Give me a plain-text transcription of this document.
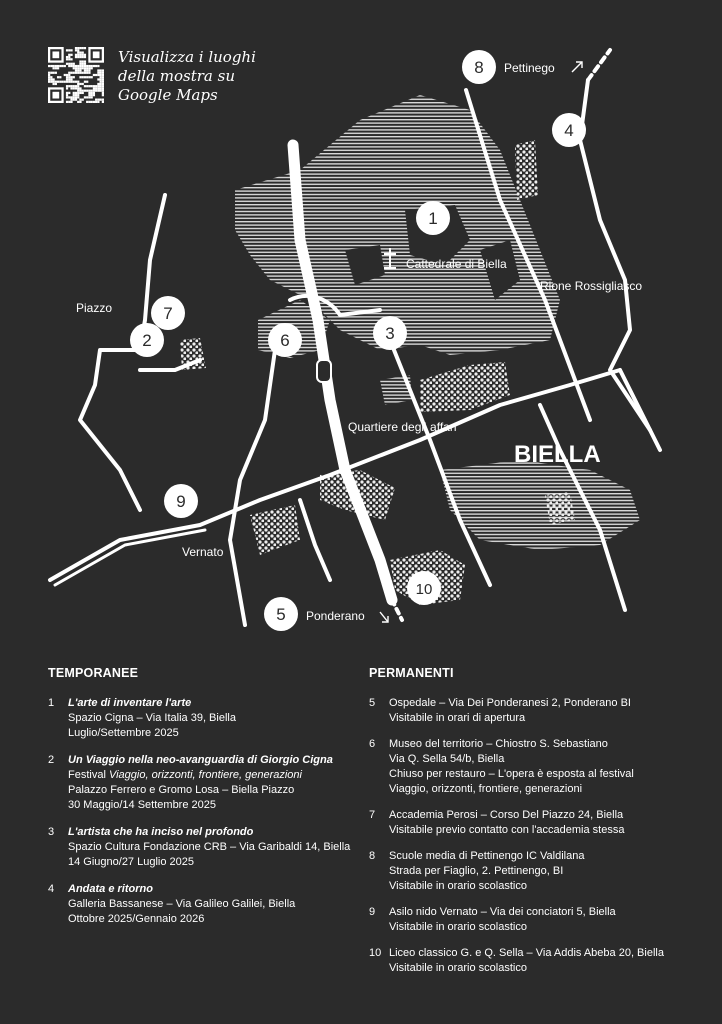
Pettinego
Cattedrale di Biella
Rione Rossigliasco
Piazzo
Quartiere degli affari
Vernato
Ponderano
BIELLA
1
2	3
4
5
6
7
8
9
10
Visualizza i luoghi
della mostra su
Google Maps
TEMPORANEE
1 L'arte di inventare l'arte
Spazio Cigna – Via Italia 39, Biella
Luglio/Settembre 2025
2 Un Viaggio nella neo-avanguardia di Giorgio Cigna
Festival Viaggio, orizzonti, frontiere, generazioni
Palazzo Ferrero e Gromo Losa – Biella Piazzo
30 Maggio/14 Settembre 2025
3 L'artista che ha inciso nel profondo
Spazio Cultura Fondazione CRB – Via Garibaldi 14, Biella
14 Giugno/27 Luglio 2025
4 Andata e ritorno
Galleria Bassanese – Via Galileo Galilei, Biella
Ottobre 2025/Gennaio 2026
PERMANENTI
5 Ospedale – Via Dei Ponderanesi 2, Ponderano BI
Visitabile in orari di apertura
6 Museo del territorio – Chiostro S. Sebastiano
Via Q. Sella 54/b, Biella
Chiuso per restauro – L'opera è esposta al festival
Viaggio, orizzonti, frontiere, generazioni
7 Accademia Perosi – Corso Del Piazzo 24, Biella
Visitabile previo contatto con l'accademia stessa
8 Scuole media di Pettinengo IC Valdilana
Strada per Fiaglio, 2. Pettinengo, BI
Visitabile in orario scolastico
9 Asilo nido Vernato – Via dei conciatori 5, Biella
Visitabile in orario scolastico
10 Liceo classico G. e Q. Sella – Via Addis Abeba 20, Biella
Visitabile in orario scolastico
